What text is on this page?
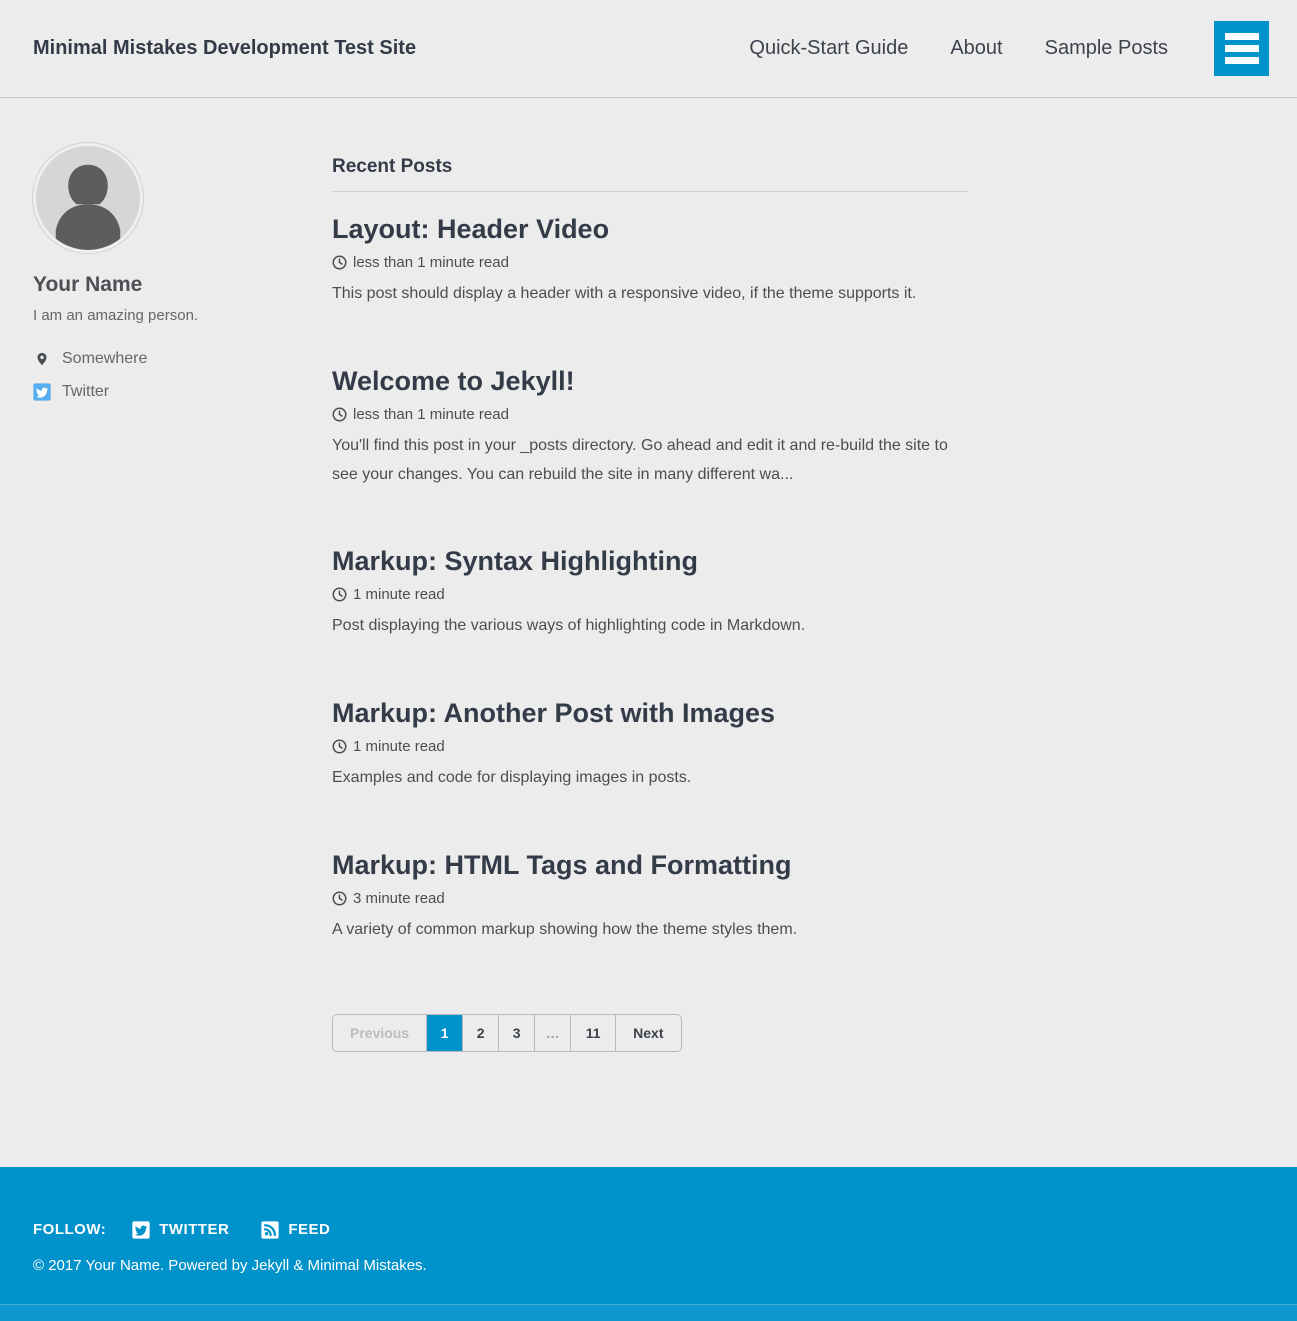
Minimal Mistakes Development Test Site	Quick-Start Guide About Sample Posts
Your Name

I am an amazing person.

Somewhere
Twitter
Recent Posts
Layout: Header Video

less than 1 minute read

This post should display a header with a responsive video, if the theme supports it.

Welcome to Jekyll!

less than 1 minute read

You'll find this post in your _posts directory. Go ahead and edit it and re-build the site to see your changes. You can rebuild the site in many different wa...

Markup: Syntax Highlighting

1 minute read

Post displaying the various ways of highlighting code in Markdown.

Markup: Another Post with Images

1 minute read

Examples and code for displaying images in posts.

Markup: HTML Tags and Formatting

3 minute read

A variety of common markup showing how the theme styles them.

Previous	1	2	3	…	11	Next
FOLLOW:	TWITTER	FEED

© 2017 Your Name. Powered by Jekyll & Minimal Mistakes.
